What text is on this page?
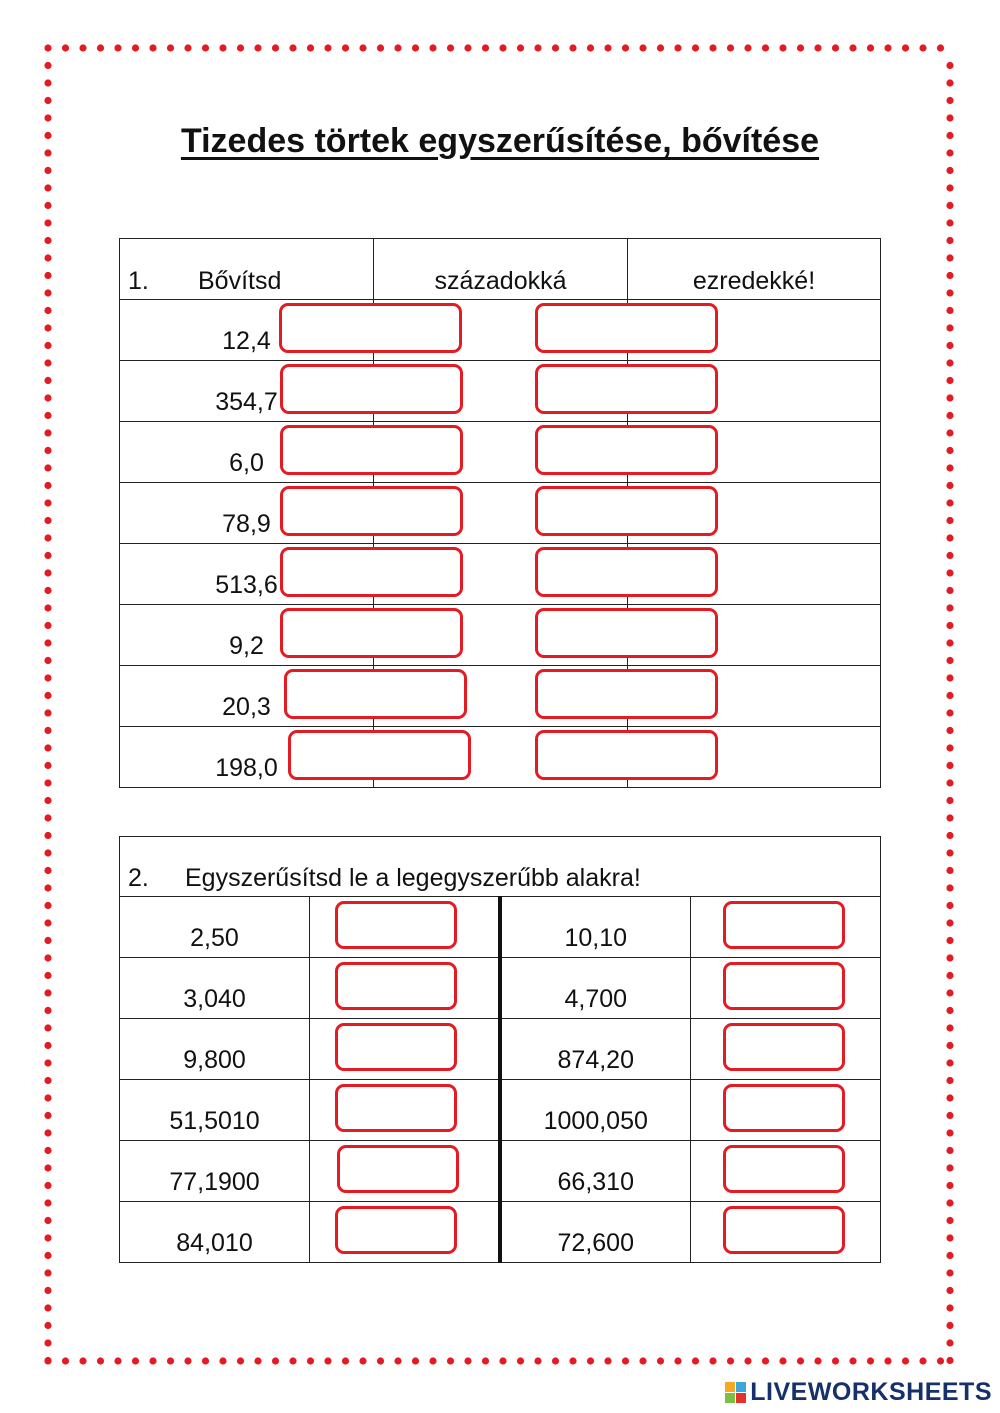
Tizedes törtek egyszerűsítése, bővítése
1. Bővítsd	századokká	ezredekké!
12,4	

354,7	

6,0	

78,9	

513,6	

9,2	

20,3	

198,0	

2. Egyszerűsítsd le a legegyszerűbb alakra!			
2,50		10,10	

3,040		4,700	

9,800		874,20	

51,5010		1000,050	

77,1900		66,310	

84,010		72,600	
LIVEWORKSHEETS
